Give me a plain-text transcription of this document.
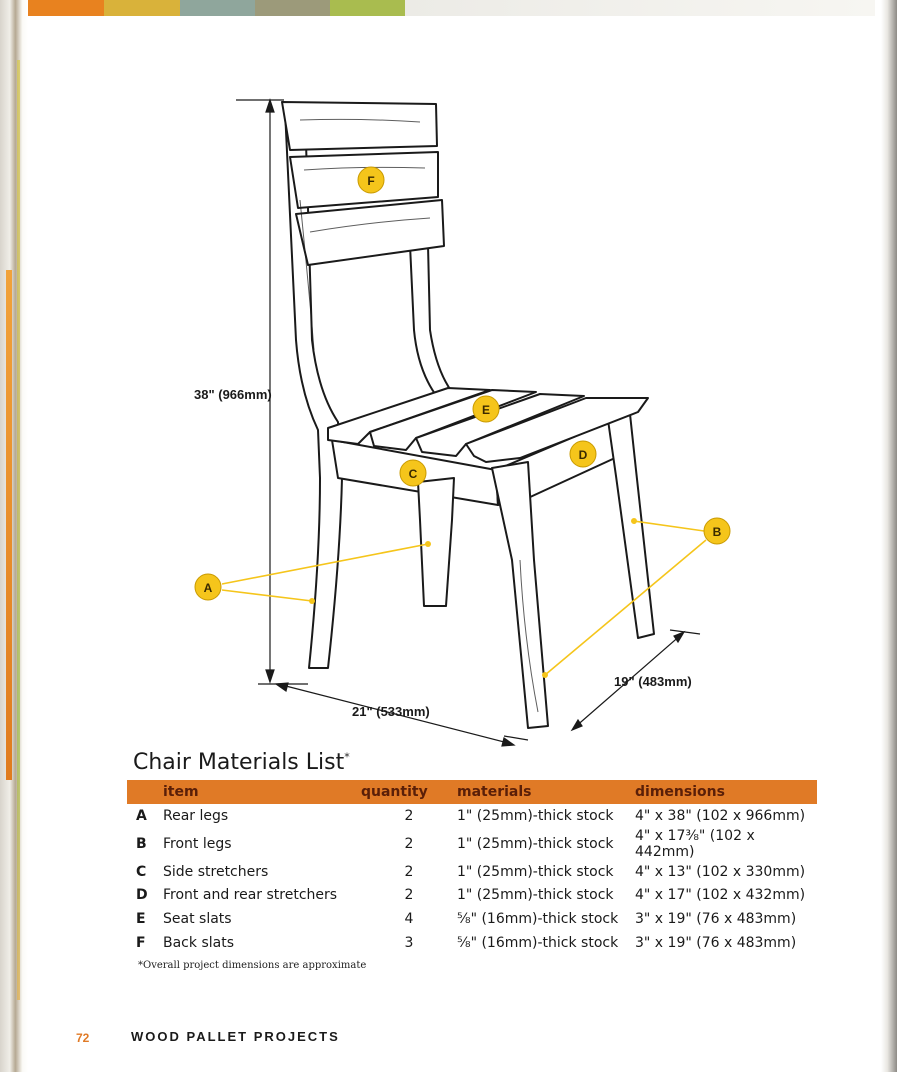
A
B
C
D
E
F
38" (966mm)
21" (533mm)
19" (483mm)
Chair Materials List*
	item	quantity	materials	dimensions
A	Rear legs	2	1" (25mm)-thick stock	4" x 38" (102 x 966mm)
B	Front legs	2	1" (25mm)-thick stock	4" x 17⅜" (102 x 442mm)
C	Side stretchers	2	1" (25mm)-thick stock	4" x 13" (102 x 330mm)
D	Front and rear stretchers	2	1" (25mm)-thick stock	4" x 17" (102 x 432mm)
E	Seat slats	4	⅝" (16mm)-thick stock	3" x 19" (76 x 483mm)
F	Back slats	3	⅝" (16mm)-thick stock	3" x 19" (76 x 483mm)
*Overall project dimensions are approximate
72	WOOD PALLET PROJECTS
